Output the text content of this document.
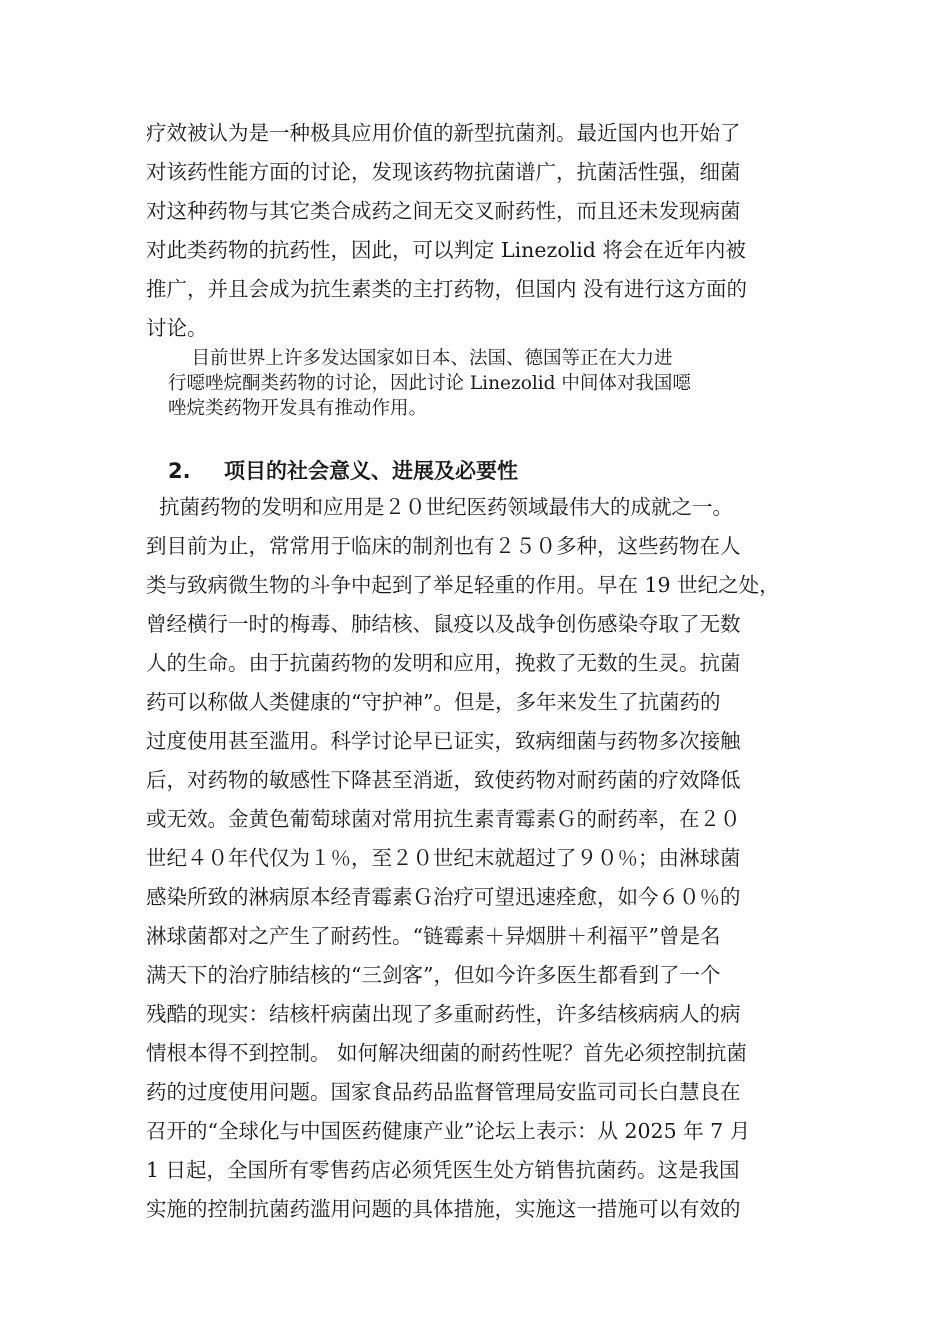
疗效被认为是一种极具应用价值的新型抗菌剂。最近国内也开始了
对该药性能方面的讨论，发现该药物抗菌谱广，抗菌活性强，细菌
对这种药物与其它类合成药之间无交叉耐药性，而且还未发现病菌
对此类药物的抗药性，因此，可以判定 Linezolid 将会在近年内被
推广，并且会成为抗生素类的主打药物，但国内 没有进行这方面的
讨论。
目前世界上许多发达国家如日本、法国、德国等正在大力进
行噁唑烷酮类药物的讨论，因此讨论 Linezolid 中间体对我国噁
唑烷类药物开发具有推动作用。
2. 项目的社会意义、进展及必要性
抗菌药物的发明和应用是２０世纪医药领域最伟大的成就之一。
到目前为止，常常用于临床的制剂也有２５０多种，这些药物在人
类与致病微生物的斗争中起到了举足轻重的作用。早在 19 世纪之处，
曾经横行一时的梅毒、肺结核、鼠疫以及战争创伤感染夺取了无数
人的生命。由于抗菌药物的发明和应用，挽救了无数的生灵。抗菌
药可以称做人类健康的“守护神”。但是，多年来发生了抗菌药的
过度使用甚至滥用。科学讨论早已证实，致病细菌与药物多次接触
后，对药物的敏感性下降甚至消逝，致使药物对耐药菌的疗效降低
或无效。金黄色葡萄球菌对常用抗生素青霉素Ｇ的耐药率，在２０
世纪４０年代仅为１％，至２０世纪末就超过了９０％；由淋球菌
感染所致的淋病原本经青霉素Ｇ治疗可望迅速痊愈，如今６０％的
淋球菌都对之产生了耐药性。“链霉素＋异烟肼＋利福平”曾是名
满天下的治疗肺结核的“三剑客”，但如今许多医生都看到了一个
残酷的现实：结核杆病菌出现了多重耐药性，许多结核病病人的病
情根本得不到控制。 如何解决细菌的耐药性呢？首先必须控制抗菌
药的过度使用问题。国家食品药品监督管理局安监司司长白慧良在
召开的“全球化与中国医药健康产业”论坛上表示：从 2025 年 7 月
1 日起，全国所有零售药店必须凭医生处方销售抗菌药。这是我国
实施的控制抗菌药滥用问题的具体措施，实施这一措施可以有效的
